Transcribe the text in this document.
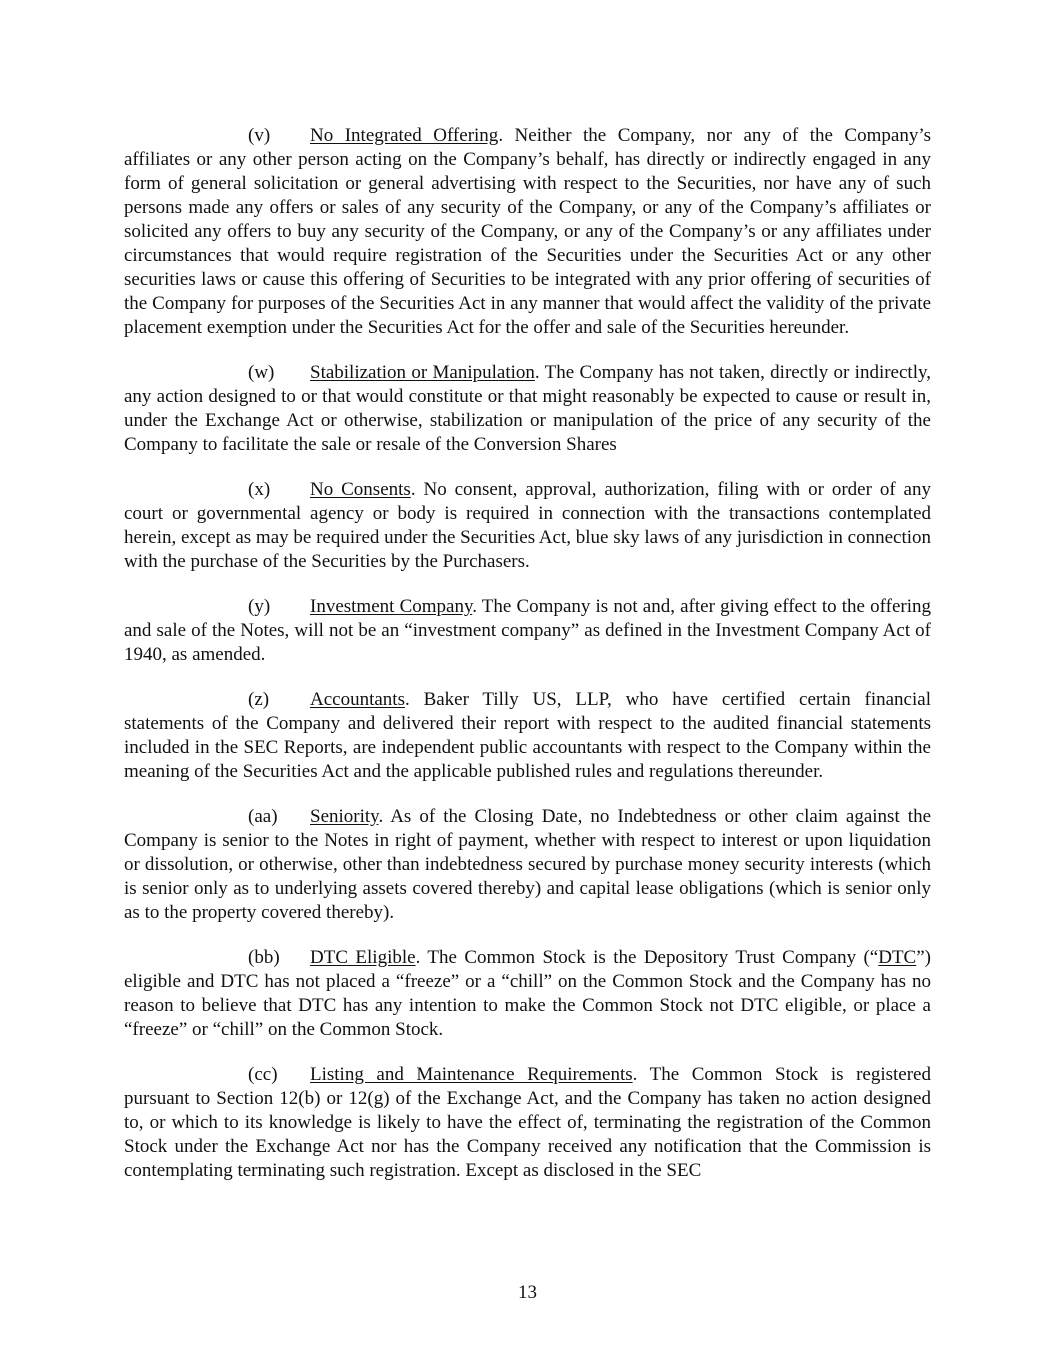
(v) No Integrated Offering. Neither the Company, nor any of the Company’s affiliates or any other person acting on the Company’s behalf, has directly or indirectly engaged in any form of general solicitation or general advertising with respect to the Securities, nor have any of such persons made any offers or sales of any security of the Company, or any of the Company’s affiliates or solicited any offers to buy any security of the Company, or any of the Company’s or any affiliates under circumstances that would require registration of the Securities under the Securities Act or any other securities laws or cause this offering of Securities to be integrated with any prior offering of securities of the Company for purposes of the Securities Act in any manner that would affect the validity of the private placement exemption under the Securities Act for the offer and sale of the Securities hereunder.

(w) Stabilization or Manipulation. The Company has not taken, directly or indirectly, any action designed to or that would constitute or that might reasonably be expected to cause or result in, under the Exchange Act or otherwise, stabilization or manipulation of the price of any security of the Company to facilitate the sale or resale of the Conversion Shares

(x) No Consents. No consent, approval, authorization, filing with or order of any court or governmental agency or body is required in connection with the transactions contemplated herein, except as may be required under the Securities Act, blue sky laws of any jurisdiction in connection with the purchase of the Securities by the Purchasers.

(y) Investment Company. The Company is not and, after giving effect to the offering and sale of the Notes, will not be an “investment company” as defined in the Investment Company Act of 1940, as amended.

(z) Accountants. Baker Tilly US, LLP, who have certified certain financial statements of the Company and delivered their report with respect to the audited financial statements included in the SEC Reports, are independent public accountants with respect to the Company within the meaning of the Securities Act and the applicable published rules and regulations thereunder.

(aa) Seniority. As of the Closing Date, no Indebtedness or other claim against the Company is senior to the Notes in right of payment, whether with respect to interest or upon liquidation or dissolution, or otherwise, other than indebtedness secured by purchase money security interests (which is senior only as to underlying assets covered thereby) and capital lease obligations (which is senior only as to the property covered thereby).

(bb) DTC Eligible. The Common Stock is the Depository Trust Company (“DTC”) eligible and DTC has not placed a “freeze” or a “chill” on the Common Stock and the Company has no reason to believe that DTC has any intention to make the Common Stock not DTC eligible, or place a “freeze” or “chill” on the Common Stock.

(cc) Listing and Maintenance Requirements. The Common Stock is registered pursuant to Section 12(b) or 12(g) of the Exchange Act, and the Company has taken no action designed to, or which to its knowledge is likely to have the effect of, terminating the registration of the Common Stock under the Exchange Act nor has the Company received any notification that the Commission is contemplating terminating such registration. Except as disclosed in the SEC

13
